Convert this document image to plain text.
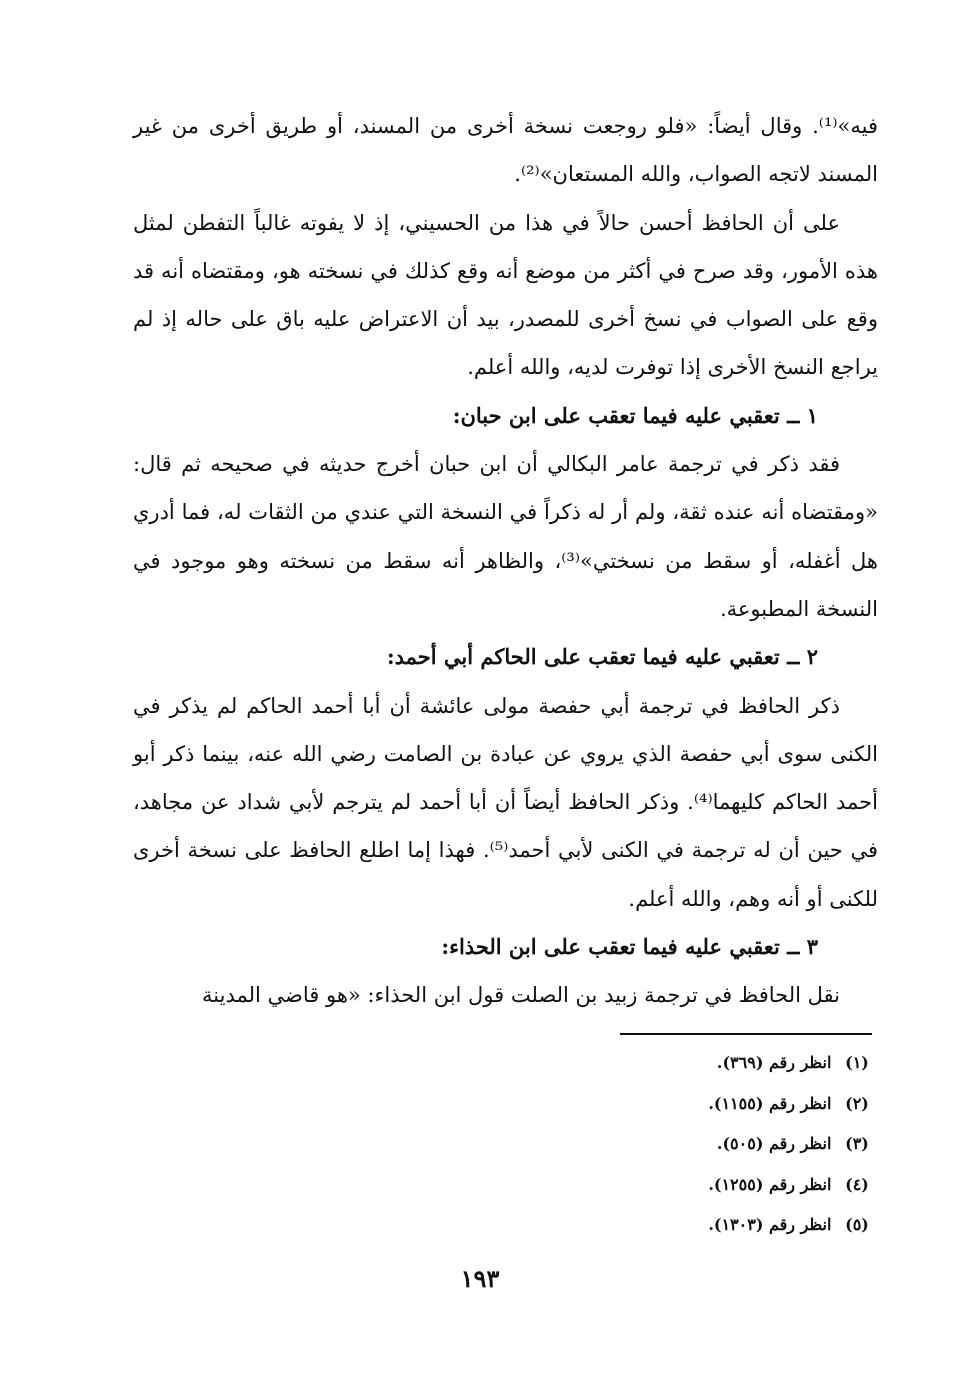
فيه»⁽¹⁾. وقال أيضاً: «فلو روجعت نسخة أخرى من المسند، أو طريق أخرى من غير المسند لاتجه الصواب، والله المستعان»⁽²⁾.

على أن الحافظ أحسن حالاً في هذا من الحسيني، إذ لا يفوته غالباً التفطن لمثل هذه الأمور، وقد صرح في أكثر من موضع أنه وقع كذلك في نسخته هو، ومقتضاه أنه قد وقع على الصواب في نسخ أخرى للمصدر، بيد أن الاعتراض عليه باق على حاله إذ لم يراجع النسخ الأخرى إذا توفرت لديه، والله أعلم.

١ ــ تعقبي عليه فيما تعقب على ابن حبان:

فقد ذكر في ترجمة عامر البكالي أن ابن حبان أخرج حديثه في صحيحه ثم قال: «ومقتضاه أنه عنده ثقة، ولم أر له ذكراً في النسخة التي عندي من الثقات له، فما أدري هل أغفله، أو سقط من نسختي»⁽³⁾، والظاهر أنه سقط من نسخته وهو موجود في النسخة المطبوعة.

٢ ــ تعقبي عليه فيما تعقب على الحاكم أبي أحمد:

ذكر الحافظ في ترجمة أبي حفصة مولى عائشة أن أبا أحمد الحاكم لم يذكر في الكنى سوى أبي حفصة الذي يروي عن عبادة بن الصامت رضي الله عنه، بينما ذكر أبو أحمد الحاكم كليهما⁽⁴⁾. وذكر الحافظ أيضاً أن أبا أحمد لم يترجم لأبي شداد عن مجاهد، في حين أن له ترجمة في الكنى لأبي أحمد⁽⁵⁾. فهذا إما اطلع الحافظ على نسخة أخرى للكنى أو أنه وهم، والله أعلم.

٣ ــ تعقبي عليه فيما تعقب على ابن الحذاء:

نقل الحافظ في ترجمة زبيد بن الصلت قول ابن الحذاء: «هو قاضي المدينة

(١) انظر رقم (٣٦٩).
(٢) انظر رقم (١١٥٥).
(٣) انظر رقم (٥٠٥).
(٤) انظر رقم (١٢٥٥).
(٥) انظر رقم (١٣٠٣).
١٩٣
